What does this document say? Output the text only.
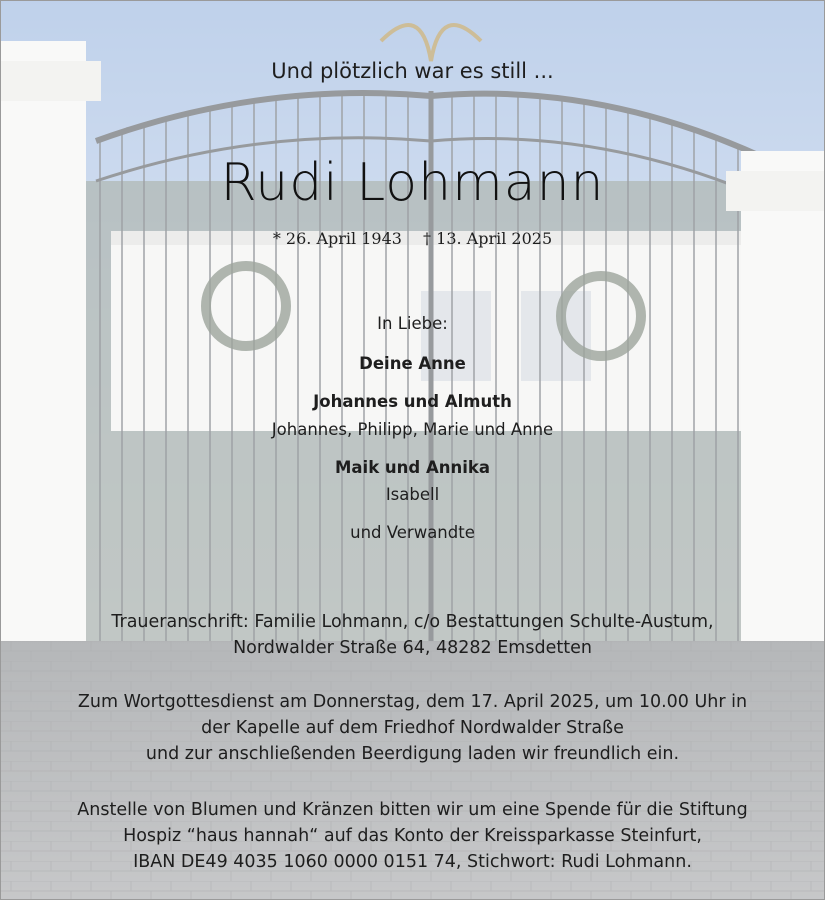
Und plötzlich war es still ...
Rudi Lohmann
* 26. April 1943 † 13. April 2025
In Liebe:
Deine Anne
Johannes und Almuth
Johannes, Philipp, Marie und Anne
Maik und Annika
Isabell
und Verwandte
Traueranschrift: Familie Lohmann, c/o Bestattungen Schulte-Austum,
Nordwalder Straße 64, 48282 Emsdetten
Zum Wortgottesdienst am Donnerstag, dem 17. April 2025, um 10.00 Uhr in
der Kapelle auf dem Friedhof Nordwalder Straße
und zur anschließenden Beerdigung laden wir freundlich ein.
Anstelle von Blumen und Kränzen bitten wir um eine Spende für die Stiftung
Hospiz “haus hannah“ auf das Konto der Kreissparkasse Steinfurt,
IBAN DE49 4035 1060 0000 0151 74, Stichwort: Rudi Lohmann.
